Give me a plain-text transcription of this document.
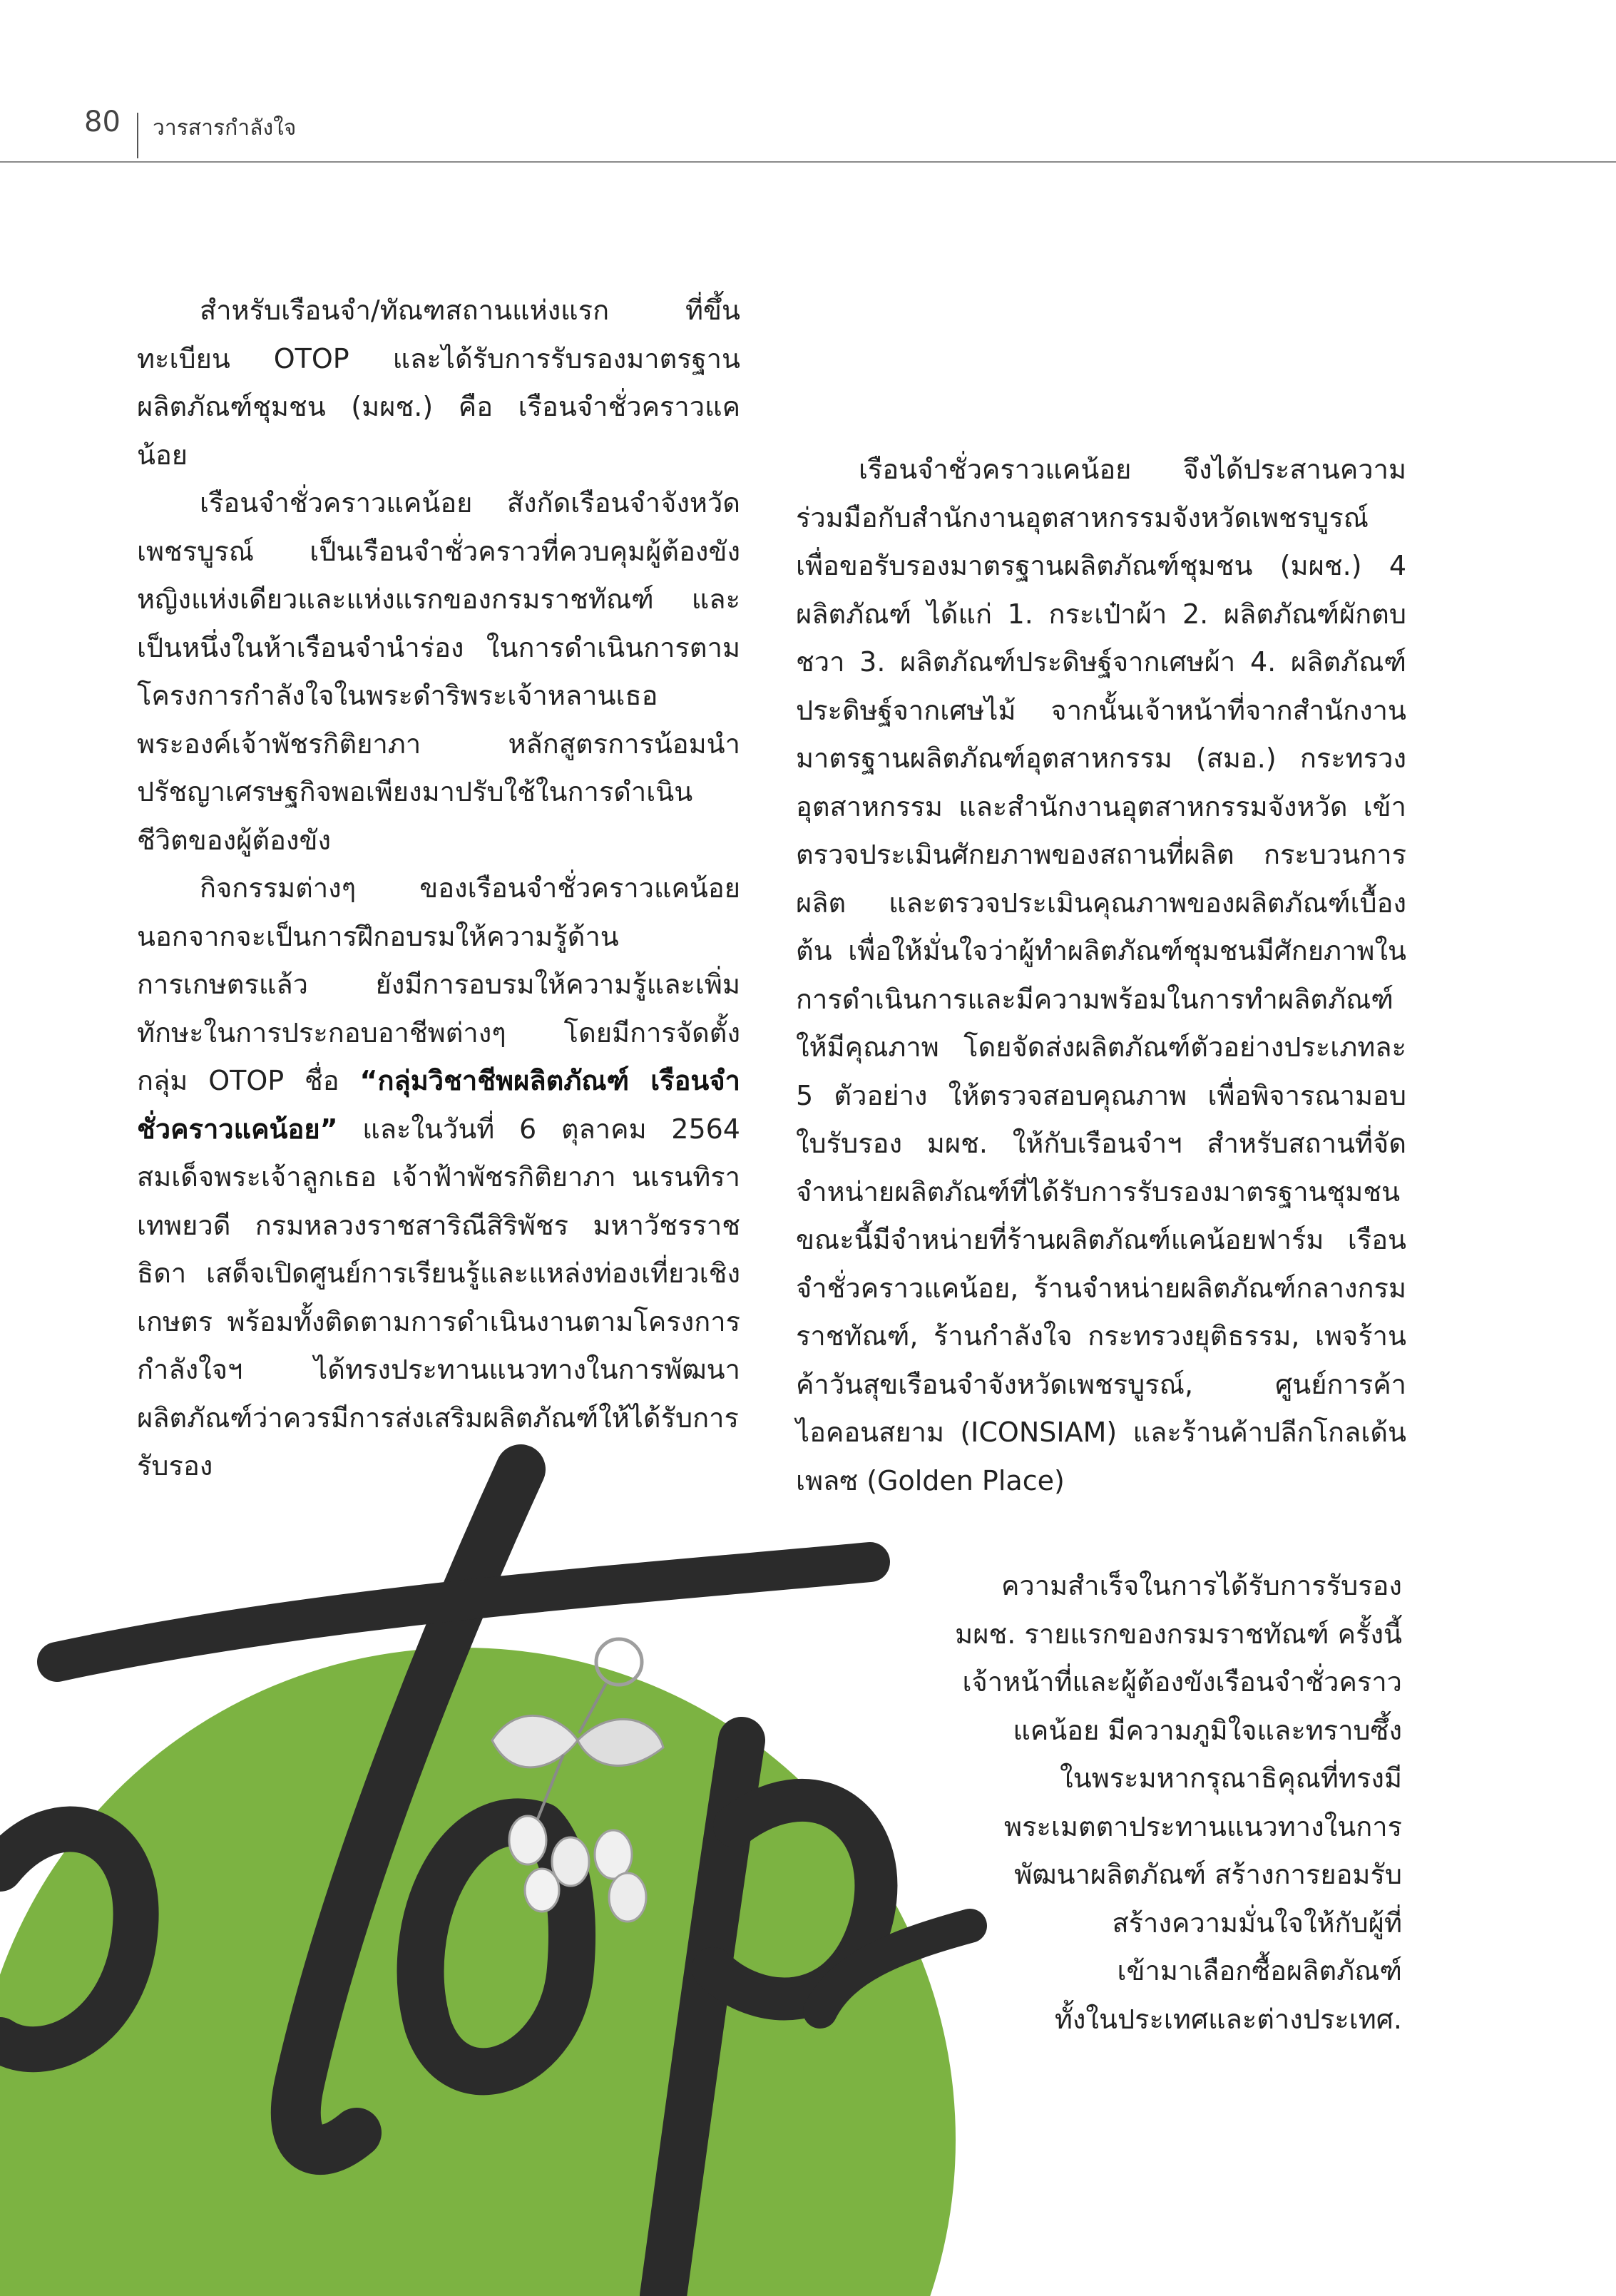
80 วารสารกำลังใจ

สำหรับเรือนจำ/ทัณฑสถานแห่งแรก ที่ขึ้นทะเบียน OTOP และได้รับการรับรองมาตรฐานผลิตภัณฑ์ชุมชน (มผช.) คือ เรือนจำชั่วคราวแคน้อย

เรือนจำชั่วคราวแคน้อย สังกัดเรือนจำจังหวัดเพชรบูรณ์ เป็นเรือนจำชั่วคราวที่ควบคุมผู้ต้องขังหญิงแห่งเดียวและแห่งแรกของกรมราชทัณฑ์ และเป็นหนึ่งในห้าเรือนจำนำร่อง ในการดำเนินการตามโครงการกำลังใจในพระดำริพระเจ้าหลานเธอ พระองค์เจ้าพัชรกิติยาภา หลักสูตรการน้อมนำปรัชญาเศรษฐกิจพอเพียงมาปรับใช้ในการดำเนินชีวิตของผู้ต้องขัง

กิจกรรมต่างๆ ของเรือนจำชั่วคราวแคน้อย นอกจากจะเป็นการฝึกอบรมให้ความรู้ด้านการเกษตรแล้ว ยังมีการอบรมให้ความรู้และเพิ่มทักษะในการประกอบอาชีพต่างๆ โดยมีการจัดตั้งกลุ่ม OTOP ชื่อ “กลุ่มวิชาชีพผลิตภัณฑ์ เรือนจำชั่วคราวแคน้อย” และในวันที่ 6 ตุลาคม 2564 สมเด็จพระเจ้าลูกเธอ เจ้าฟ้าพัชรกิติยาภา นเรนทิราเทพยวดี กรมหลวงราชสาริณีสิริพัชร มหาวัชรราชธิดา เสด็จเปิดศูนย์การเรียนรู้และแหล่งท่องเที่ยวเชิงเกษตร พร้อมทั้งติดตามการดำเนินงานตามโครงการกำลังใจฯ ได้ทรงประทานแนวทางในการพัฒนาผลิตภัณฑ์ว่าควรมีการส่งเสริมผลิตภัณฑ์ให้ได้รับการรับรอง

เรือนจำชั่วคราวแคน้อย จึงได้ประสานความร่วมมือกับสำนักงานอุตสาหกรรมจังหวัดเพชรบูรณ์ เพื่อขอรับรองมาตรฐานผลิตภัณฑ์ชุมชน (มผช.) 4 ผลิตภัณฑ์ ได้แก่ 1. กระเป๋าผ้า 2. ผลิตภัณฑ์ผักตบชวา 3. ผลิตภัณฑ์ประดิษฐ์จากเศษผ้า 4. ผลิตภัณฑ์ประดิษฐ์จากเศษไม้ จากนั้นเจ้าหน้าที่จากสำนักงานมาตรฐานผลิตภัณฑ์อุตสาหกรรม (สมอ.) กระทรวงอุตสาหกรรม และสำนักงานอุตสาหกรรมจังหวัด เข้าตรวจประเมินศักยภาพของสถานที่ผลิต กระบวนการผลิต และตรวจประเมินคุณภาพของผลิตภัณฑ์เบื้องต้น เพื่อให้มั่นใจว่าผู้ทำผลิตภัณฑ์ชุมชนมีศักยภาพในการดำเนินการและมีความพร้อมในการทำผลิตภัณฑ์ให้มีคุณภาพ โดยจัดส่งผลิตภัณฑ์ตัวอย่างประเภทละ 5 ตัวอย่าง ให้ตรวจสอบคุณภาพ เพื่อพิจารณามอบใบรับรอง มผช. ให้กับเรือนจำฯ สำหรับสถานที่จัดจำหน่ายผลิตภัณฑ์ที่ได้รับการรับรองมาตรฐานชุมชน ขณะนี้มีจำหน่ายที่ร้านผลิตภัณฑ์แคน้อยฟาร์ม เรือนจำชั่วคราวแคน้อย, ร้านจำหน่ายผลิตภัณฑ์กลางกรมราชทัณฑ์, ร้านกำลังใจ กระทรวงยุติธรรม, เพจร้านค้าวันสุขเรือนจำจังหวัดเพชรบูรณ์, ศูนย์การค้าไอคอนสยาม (ICONSIAM) และร้านค้าปลีกโกลเด้น เพลซ (Golden Place)

ความสำเร็จในการได้รับการรับรอง
มผช. รายแรกของกรมราชทัณฑ์ ครั้งนี้
เจ้าหน้าที่และผู้ต้องขังเรือนจำชั่วคราว
แคน้อย มีความภูมิใจและทราบซึ้ง
ในพระมหากรุณาธิคุณที่ทรงมี
พระเมตตาประทานแนวทางในการ
พัฒนาผลิตภัณฑ์ สร้างการยอมรับ
สร้างความมั่นใจให้กับผู้ที่
เข้ามาเลือกซื้อผลิตภัณฑ์
ทั้งในประเทศและต่างประเทศ.
